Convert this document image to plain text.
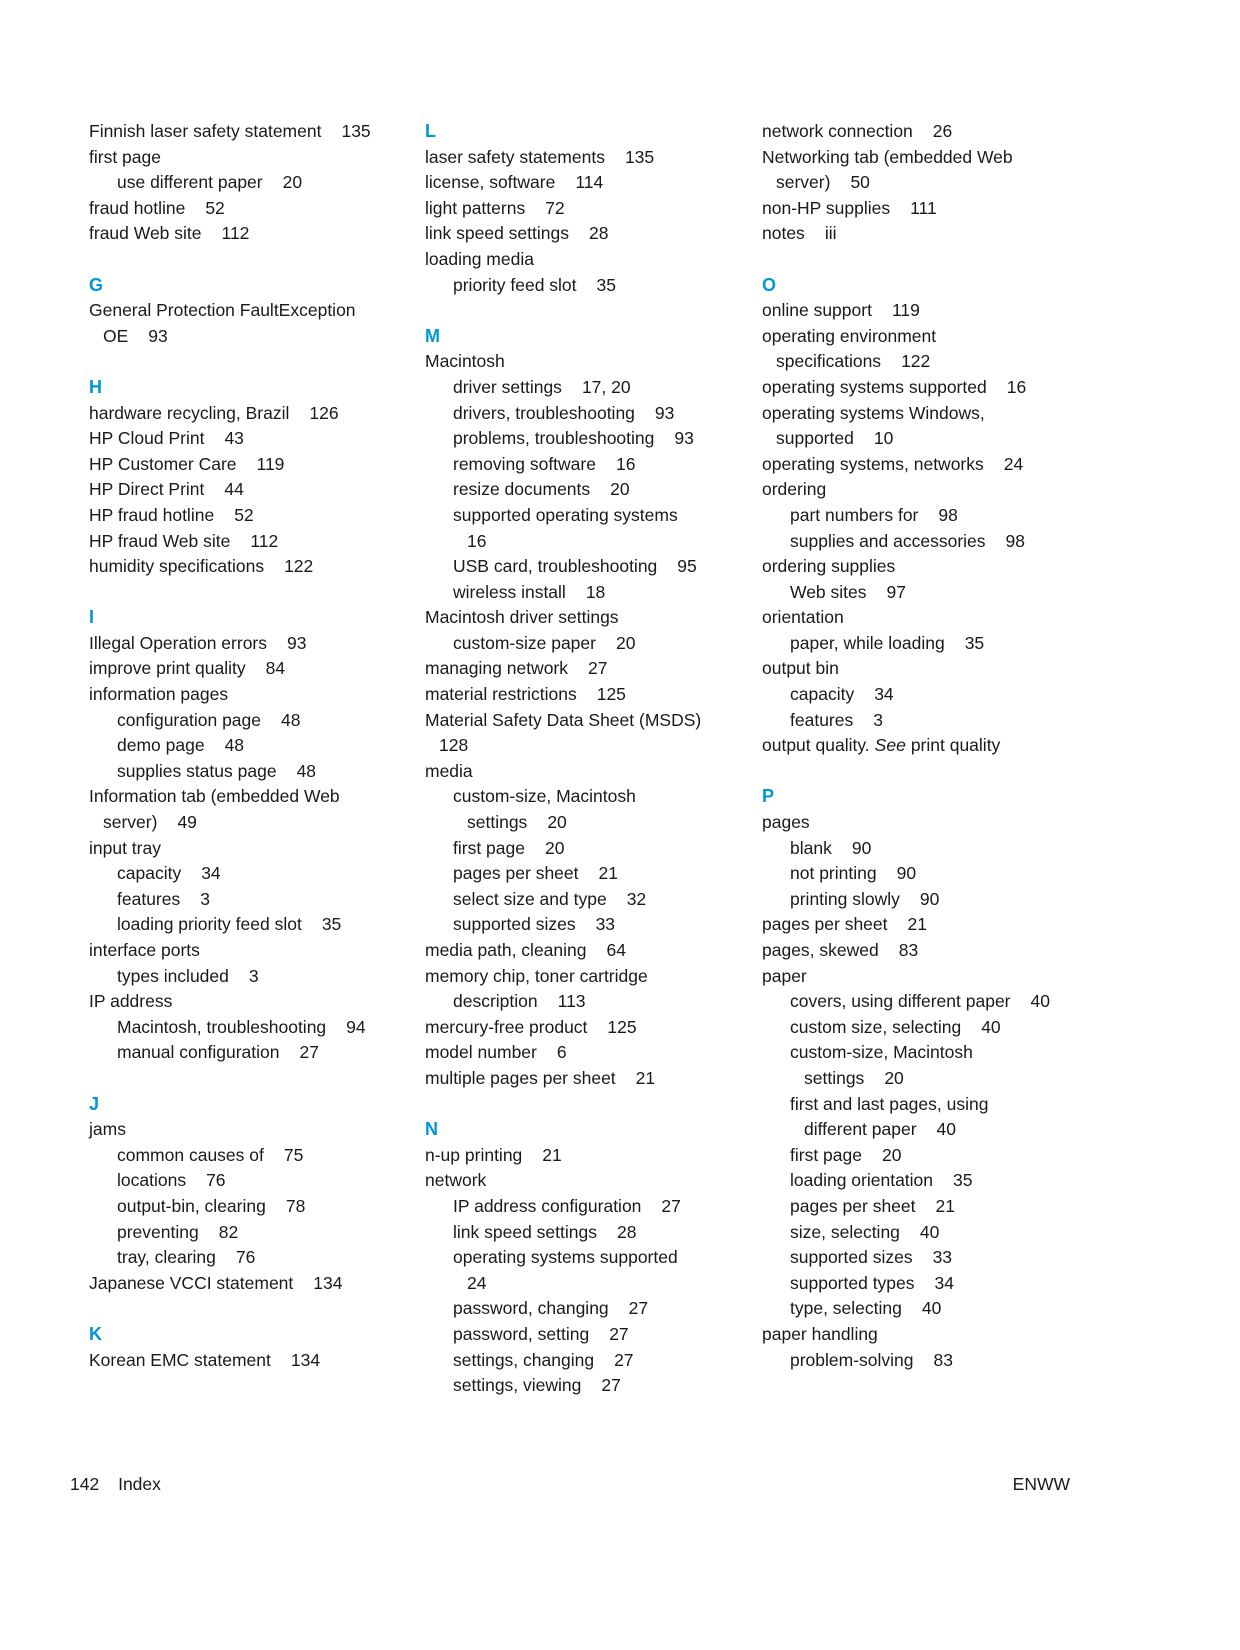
Finnish laser safety statement 135
first page
use different paper 20
fraud hotline 52
fraud Web site 112
G
General Protection FaultException
OE 93
H
hardware recycling, Brazil 126
HP Cloud Print 43
HP Customer Care 119
HP Direct Print 44
HP fraud hotline 52
HP fraud Web site 112
humidity specifications 122
I
Illegal Operation errors 93
improve print quality 84
information pages
configuration page 48
demo page 48
supplies status page 48
Information tab (embedded Web
server) 49
input tray
capacity 34
features 3
loading priority feed slot 35
interface ports
types included 3
IP address
Macintosh, troubleshooting 94
manual configuration 27
J
jams
common causes of 75
locations 76
output-bin, clearing 78
preventing 82
tray, clearing 76
Japanese VCCI statement 134
K
Korean EMC statement 134
L
laser safety statements 135
license, software 114
light patterns 72
link speed settings 28
loading media
priority feed slot 35
M
Macintosh
driver settings 17, 20
drivers, troubleshooting 93
problems, troubleshooting 93
removing software 16
resize documents 20
supported operating systems
16
USB card, troubleshooting 95
wireless install 18
Macintosh driver settings
custom-size paper 20
managing network 27
material restrictions 125
Material Safety Data Sheet (MSDS)
128
media
custom-size, Macintosh
settings 20
first page 20
pages per sheet 21
select size and type 32
supported sizes 33
media path, cleaning 64
memory chip, toner cartridge
description 113
mercury-free product 125
model number 6
multiple pages per sheet 21
N
n-up printing 21
network
IP address configuration 27
link speed settings 28
operating systems supported
24
password, changing 27
password, setting 27
settings, changing 27
settings, viewing 27
network connection 26
Networking tab (embedded Web
server) 50
non-HP supplies 111
notes iii
O
online support 119
operating environment
specifications 122
operating systems supported 16
operating systems Windows,
supported 10
operating systems, networks 24
ordering
part numbers for 98
supplies and accessories 98
ordering supplies
Web sites 97
orientation
paper, while loading 35
output bin
capacity 34
features 3
output quality. See print quality
P
pages
blank 90
not printing 90
printing slowly 90
pages per sheet 21
pages, skewed 83
paper
covers, using different paper 40
custom size, selecting 40
custom-size, Macintosh
settings 20
first and last pages, using
different paper 40
first page 20
loading orientation 35
pages per sheet 21
size, selecting 40
supported sizes 33
supported types 34
type, selecting 40
paper handling
problem-solving 83
142 Index	ENWW
